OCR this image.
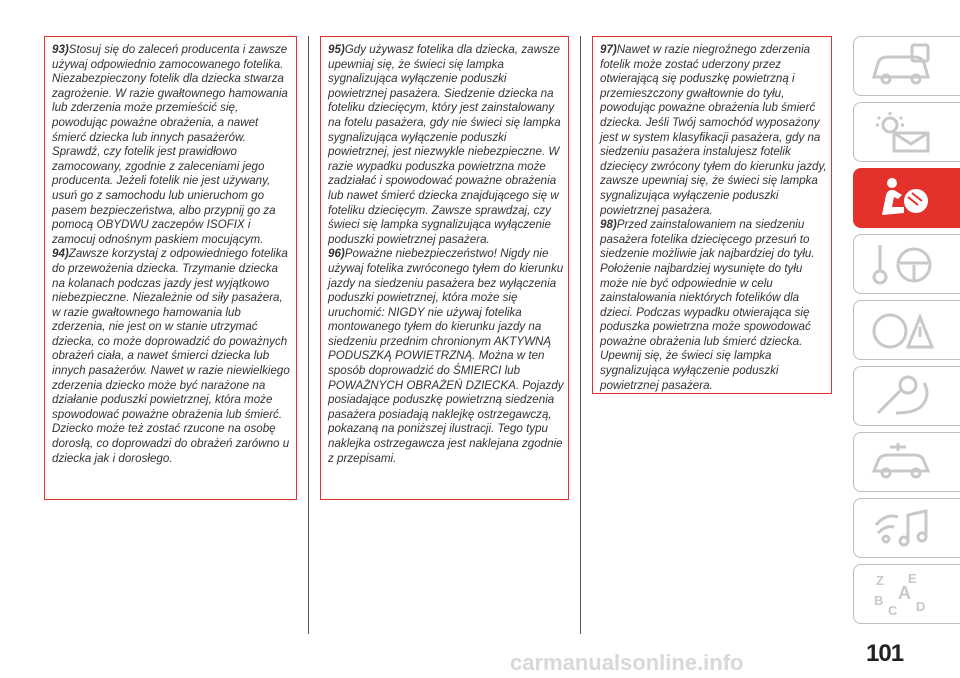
93)Stosuj się do zaleceń producenta i zawsze używaj odpowiednio zamocowanego fotelika. Niezabezpieczony fotelik dla dziecka stwarza zagrożenie. W razie gwałtownego hamowania lub zderzenia może przemieścić się, powodując poważne obrażenia, a nawet śmierć dziecka lub innych pasażerów. Sprawdź, czy fotelik jest prawidłowo zamocowany, zgodnie z zaleceniami jego producenta. Jeżeli fotelik nie jest używany, usuń go z samochodu lub unieruchom go pasem bezpieczeństwa, albo przypnij go za pomocą OBYDWU zaczepów ISOFIX i zamocuj odnośnym paskiem mocującym.

94)Zawsze korzystaj z odpowiedniego fotelika do przewożenia dziecka. Trzymanie dziecka na kolanach podczas jazdy jest wyjątkowo niebezpieczne. Niezależnie od siły pasażera, w razie gwałtownego hamowania lub zderzenia, nie jest on w stanie utrzymać dziecka, co może doprowadzić do poważnych obrażeń ciała, a nawet śmierci dziecka lub innych pasażerów. Nawet w razie niewielkiego zderzenia dziecko może być narażone na działanie poduszki powietrznej, która może spowodować poważne obrażenia lub śmierć. Dziecko może też zostać rzucone na osobę dorosłą, co doprowadzi do obrażeń zarówno u dziecka jak i dorosłego.

95)Gdy używasz fotelika dla dziecka, zawsze upewniaj się, że świeci się lampka sygnalizująca wyłączenie poduszki powietrznej pasażera. Siedzenie dziecka na foteliku dziecięcym, który jest zainstalowany na fotelu pasażera, gdy nie świeci się lampka sygnalizująca wyłączenie poduszki powietrznej, jest niezwykle niebezpieczne. W razie wypadku poduszka powietrzna może zadziałać i spowodować poważne obrażenia lub nawet śmierć dziecka znajdującego się w foteliku dziecięcym. Zawsze sprawdzaj, czy świeci się lampka sygnalizująca wyłączenie poduszki powietrznej pasażera.

96)Poważne niebezpieczeństwo! Nigdy nie używaj fotelika zwróconego tyłem do kierunku jazdy na siedzeniu pasażera bez wyłączenia poduszki powietrznej, która może się uruchomić: NIGDY nie używaj fotelika montowanego tyłem do kierunku jazdy na siedzeniu przednim chronionym AKTYWNĄ PODUSZKĄ POWIETRZNĄ. Można w ten sposób doprowadzić do ŚMIERCI lub POWAŻNYCH OBRAŻEŃ DZIECKA. Pojazdy posiadające poduszkę powietrzną siedzenia pasażera posiadają naklejkę ostrzegawczą, pokazaną na poniższej ilustracji. Tego typu naklejka ostrzegawcza jest naklejana zgodnie z przepisami.

97)Nawet w razie niegroźnego zderzenia fotelik może zostać uderzony przez otwierającą się poduszkę powietrzną i przemieszczony gwałtownie do tyłu, powodując poważne obrażenia lub śmierć dziecka. Jeśli Twój samochód wyposażony jest w system klasyfikacji pasażera, gdy na siedzeniu pasażera instalujesz fotelik dziecięcy zwrócony tyłem do kierunku jazdy, zawsze upewniaj się, że świeci się lampka sygnalizująca wyłączenie poduszki powietrznej pasażera.

98)Przed zainstalowaniem na siedzeniu pasażera fotelika dziecięcego przesuń to siedzenie możliwie jak najbardziej do tyłu. Położenie najbardziej wysunięte do tyłu może nie być odpowiednie w celu zainstalowania niektórych fotelików dla dzieci. Podczas wypadku otwierająca się poduszka powietrzna może spowodować poważne obrażenia lub śmierć dziecka. Upewnij się, że świeci się lampka sygnalizująca wyłączenie poduszki powietrznej pasażera.

Z E
B A
C D
101
carmanualsonline.info
